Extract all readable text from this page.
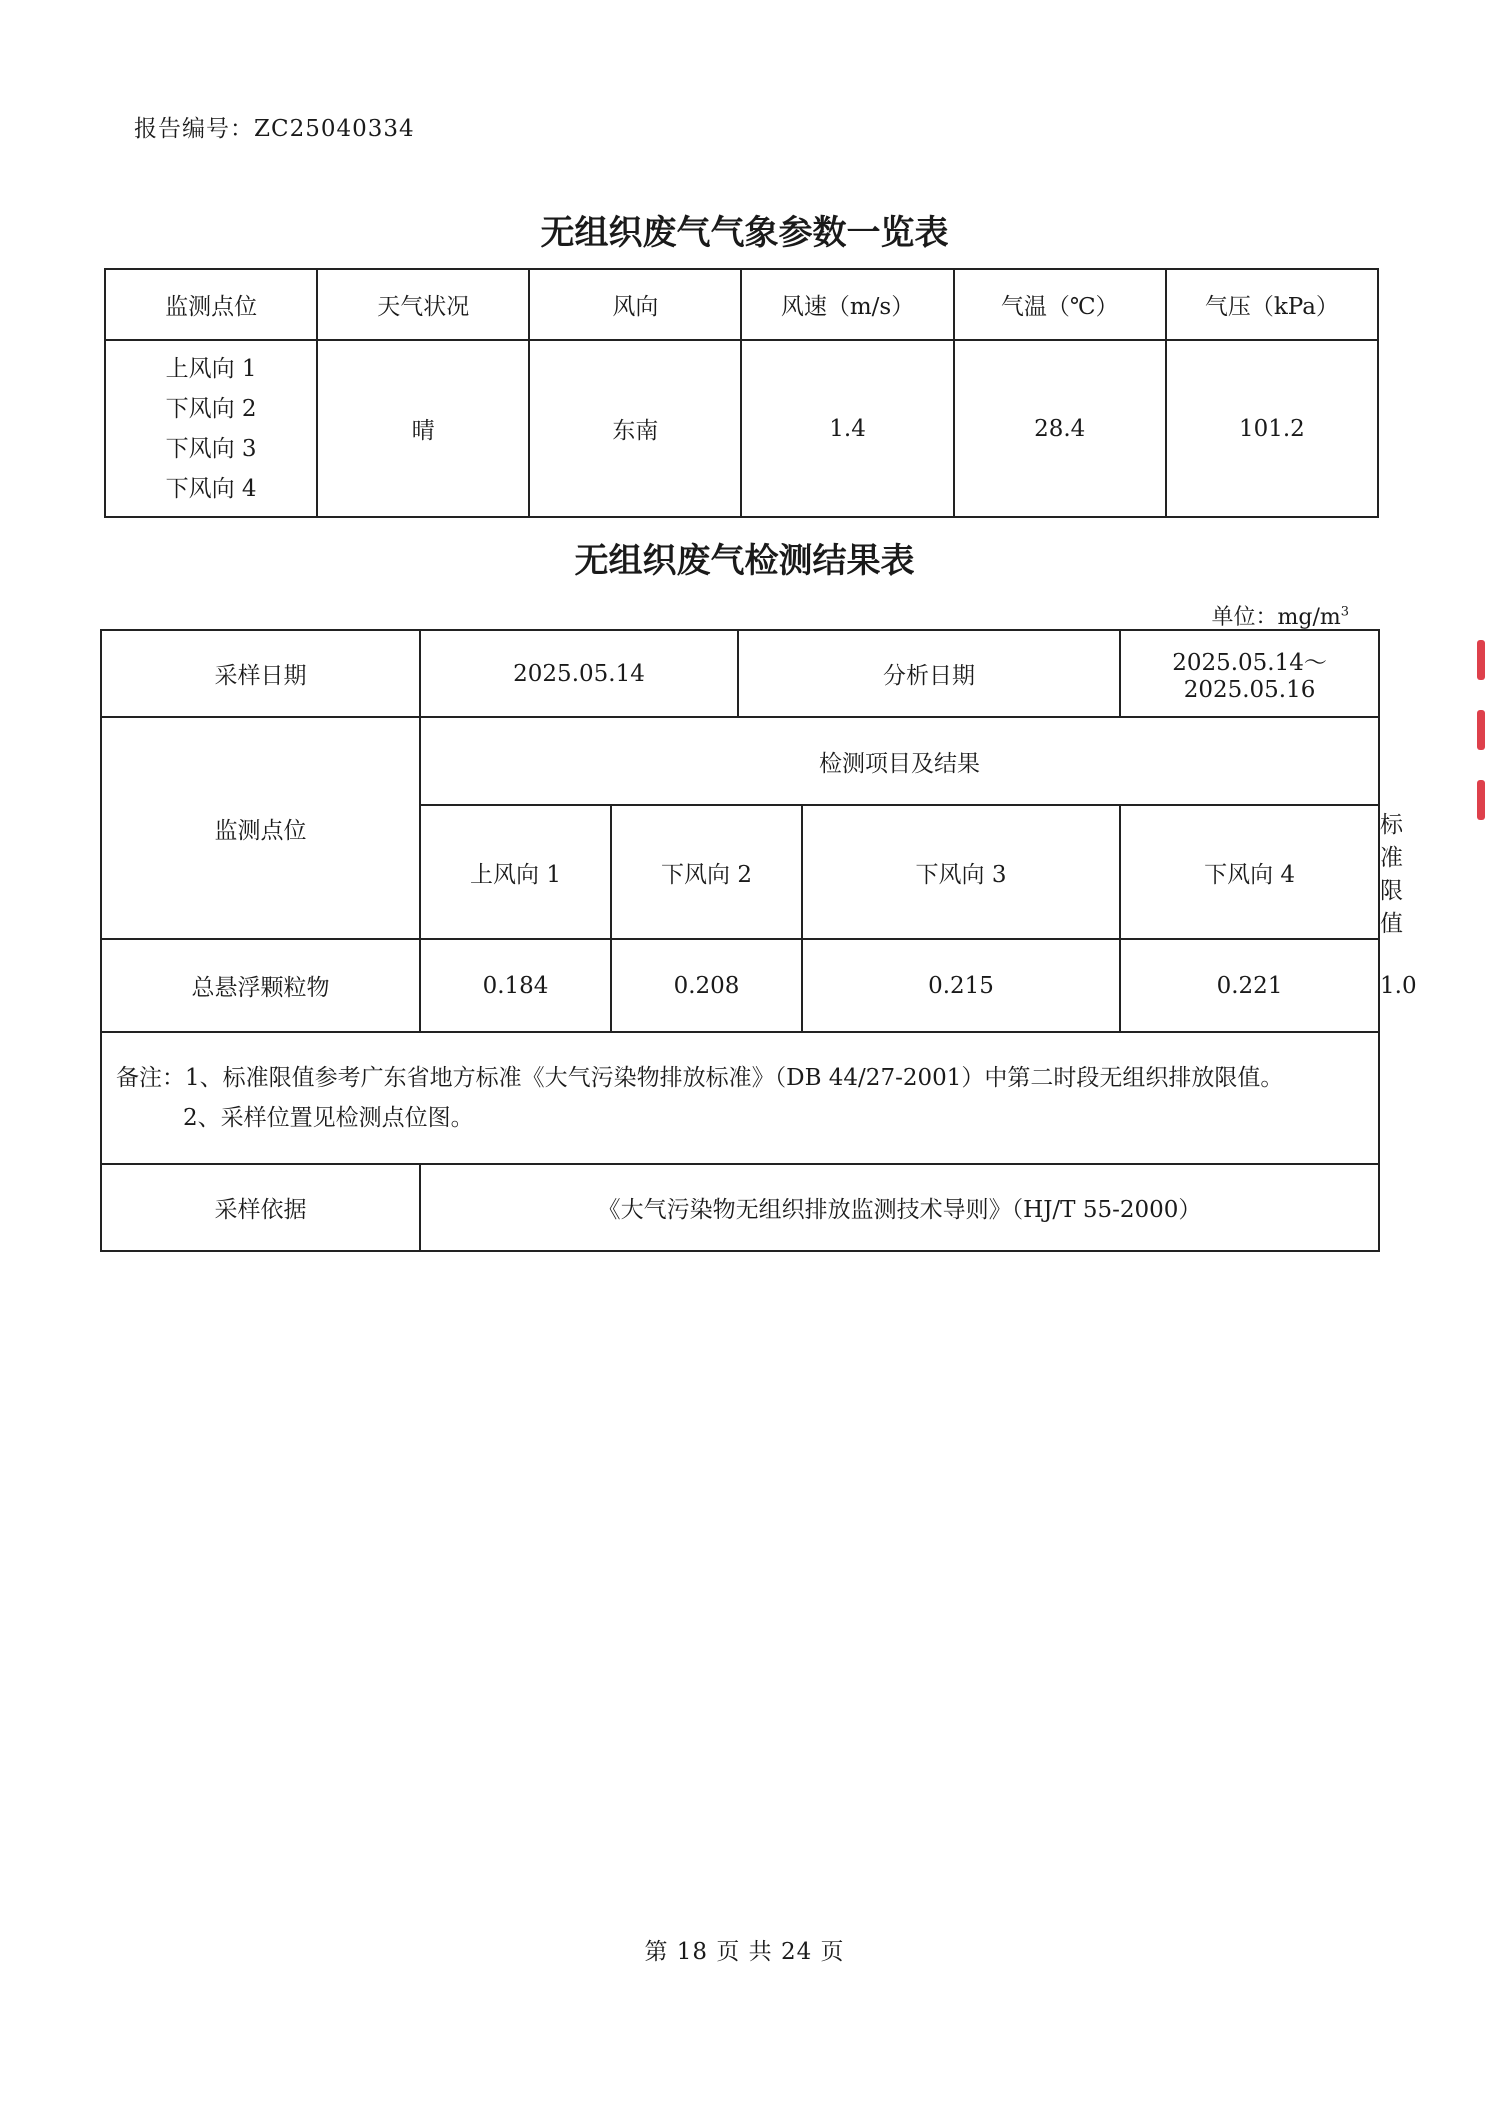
报告编号：ZC25040334
无组织废气气象参数一览表
监测点位	天气状况	风向	风速（m/s）	气温（℃）	气压（kPa）

上风向 1
下风向 2
下风向 3
下风向 4	晴	东南	1.4	28.4	101.2
无组织废气检测结果表
单位：$mg/m^3$
采样日期	2025.05.14		分析日期		2025.05.14～2025.05.16	
监测点位	检测项目及结果					
	上风向 1	下风向 2		下风向 3	下风向 4	标准限值
总悬浮颗粒物	0.184	0.208		0.215	0.221	1.0

备注：1、 标准限值参考广东省地方标准《大气污染物排放标准》（DB 44/27-2001）中第二时段无组织排放限值。
2、采样位置见检测点位图。						

采样依据	《大气污染物无组织排放监测技术导则》（HJ/T 55-2000）					
第 18 页 共 24 页
